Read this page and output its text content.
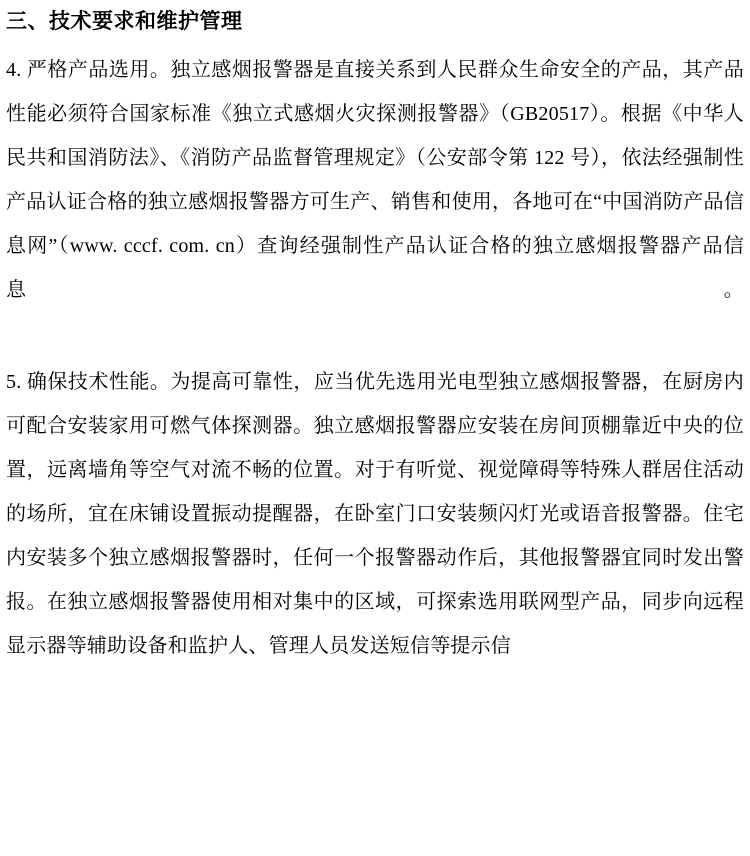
三、技术要求和维护管理

4. 严格产品选用。独立感烟报警器是直接关系到人民群众生命安全的产品，其产品性能必须符合国家标准《独立式感烟火灾探测报警器》（GB20517）。根据《中华人民共和国消防法》、《消防产品监督管理规定》（公安部令第 122 号），依法经强制性产品认证合格的独立感烟报警器方可生产、销售和使用，各地可在“中国消防产品信息网”（www. cccf. com. cn）查询经强制性产品认证合格的独立感烟报警器产品信息。

5. 确保技术性能。为提高可靠性，应当优先选用光电型独立感烟报警器，在厨房内可配合安装家用可燃气体探测器。独立感烟报警器应安装在房间顶棚靠近中央的位置，远离墙角等空气对流不畅的位置。对于有听觉、视觉障碍等特殊人群居住活动的场所，宜在床铺设置振动提醒器，在卧室门口安装频闪灯光或语音报警器。住宅内安装多个独立感烟报警器时，任何一个报警器动作后，其他报警器宜同时发出警报。在独立感烟报警器使用相对集中的区域，可探索选用联网型产品，同步向远程显示器等辅助设备和监护人、管理人员发送短信等提示信
